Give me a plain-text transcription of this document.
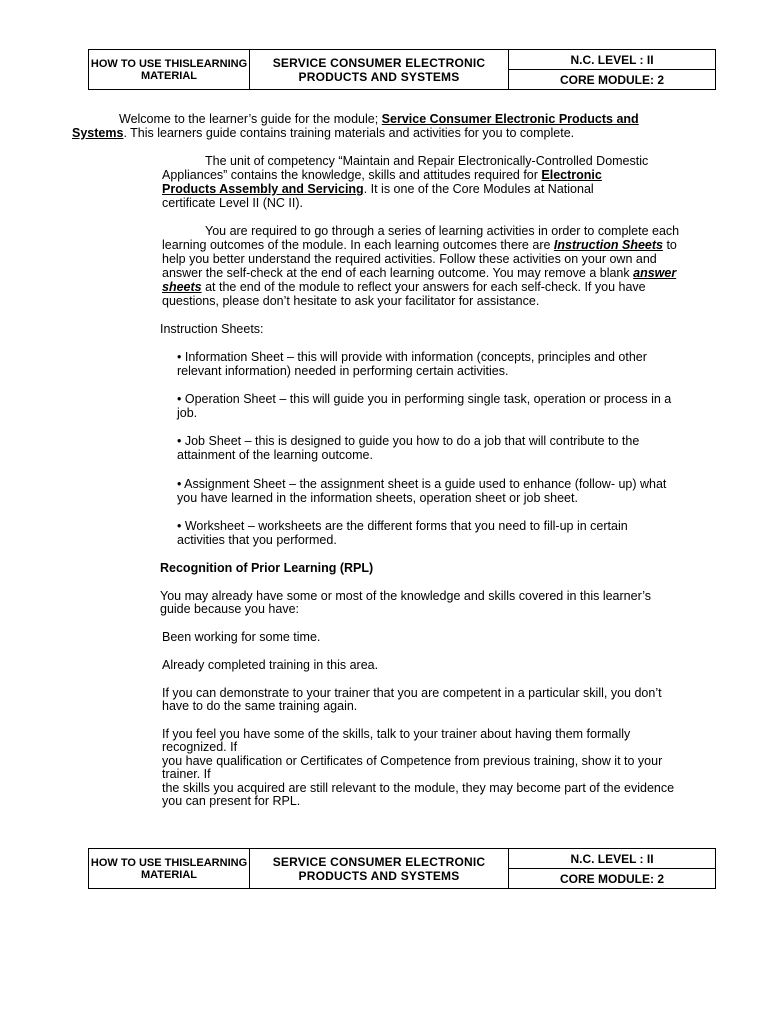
HOW TO USE THISLEARNING MATERIAL	SERVICE CONSUMER ELECTRONIC PRODUCTS AND SYSTEMS	N.C. LEVEL : II
CORE MODULE: 2

Welcome to the learner’s guide for the module; Service Consumer Electronic Products and

Systems. This learners guide contains training materials and activities for you to complete.

The unit of competency “Maintain and Repair Electronically-Controlled Domestic

Appliances” contains the knowledge, skills and attitudes required for Electronic

Products Assembly and Servicing. It is one of the Core Modules at National

certificate Level II (NC II).

You are required to go through a series of learning activities in order to complete each

learning outcomes of the module. In each learning outcomes there are Instruction Sheets to

help you better understand the required activities. Follow these activities on your own and

answer the self-check at the end of each learning outcome. You may remove a blank answer

sheets at the end of the module to reflect your answers for each self-check. If you have

questions, please don’t hesitate to ask your facilitator for assistance.

Instruction Sheets:

• Information Sheet – this will provide with information (concepts, principles and other

relevant information) needed in performing certain activities.

• Operation Sheet – this will guide you in performing single task, operation or process in a

job.

• Job Sheet – this is designed to guide you how to do a job that will contribute to the

attainment of the learning outcome.

• Assignment Sheet – the assignment sheet is a guide used to enhance (follow- up) what

you have learned in the information sheets, operation sheet or job sheet.

• Worksheet – worksheets are the different forms that you need to fill-up in certain

activities that you performed.

Recognition of Prior Learning (RPL)

You may already have some or most of the knowledge and skills covered in this learner’s

guide because you have:

Been working for some time.

Already completed training in this area.

If you can demonstrate to your trainer that you are competent in a particular skill, you don’t

have to do the same training again.

If you feel you have some of the skills, talk to your trainer about having them formally

recognized. If

you have qualification or Certificates of Competence from previous training, show it to your

trainer. If

the skills you acquired are still relevant to the module, they may become part of the evidence

you can present for RPL.

HOW TO USE THISLEARNING MATERIAL	SERVICE CONSUMER ELECTRONIC PRODUCTS AND SYSTEMS	N.C. LEVEL : II
CORE MODULE: 2
